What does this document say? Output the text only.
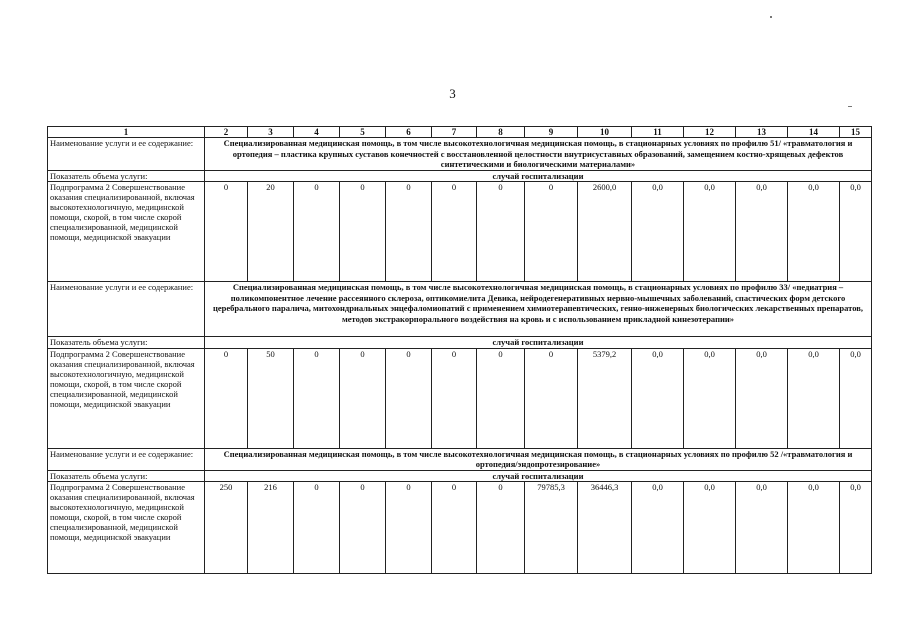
3
1	2	3	4	5	6	7	8	9	10	11	12	13	14	15
Наименование услуги и ее содержание:	Специализированная медицинская помощь, в том числе высокотехнологичная медицинская помощь, в стационарных условиях по профилю 51/ «травматология и ортопедия – пластика крупных суставов конечностей с восстановленной целостности внутрисуставных образований, замещением костно-хрящевых дефектов синтетическими и биологическими материалами»													
Показатель объема услуги:	случай госпитализации													
Подпрограмма 2 Совершенствование оказания специализированной, включая высокотехнологичную, медицинской помощи, скорой, в том числе скорой специализированной, медицинской помощи, медицинской эвакуации	0	20	0	0	0	0	0	0	2600,0	0,0	0,0	0,0	0,0	0,0
Наименование услуги и ее содержание:	Специализированная медицинская помощь, в том числе высокотехнологичная медицинская помощь, в стационарных условиях по профилю 33/ «педиатрия – поликомпонентное лечение рассеянного склероза, оптикомиелита Девика, нейродегенеративных нервно-мышечных заболеваний, спастических форм детского церебрального паралича, митохондриальных энцефаломиопатий с применением химиотерапевтических, генно-инженерных биологических лекарственных препаратов, методов экстракорпорального воздействия на кровь и с использованием прикладной кинезотерапии»													
Показатель объема услуги:	случай госпитализации													
Подпрограмма 2 Совершенствование оказания специализированной, включая высокотехнологичную, медицинской помощи, скорой, в том числе скорой специализированной, медицинской помощи, медицинской эвакуации	0	50	0	0	0	0	0	0	5379,2	0,0	0,0	0,0	0,0	0,0
Наименование услуги и ее содержание:	Специализированная медицинская помощь, в том числе высокотехнологичная медицинская помощь, в стационарных условиях по профилю 52 /«травматология и ортопедия/эндопротезирование»													
Показатель объема услуги:	случай госпитализации													
Подпрограмма 2 Совершенствование оказания специализированной, включая высокотехнологичную, медицинской помощи, скорой, в том числе скорой специализированной, медицинской помощи, медицинской эвакуации	250	216	0	0	0	0	0	79785,3	36446,3	0,0	0,0	0,0	0,0	0,0
